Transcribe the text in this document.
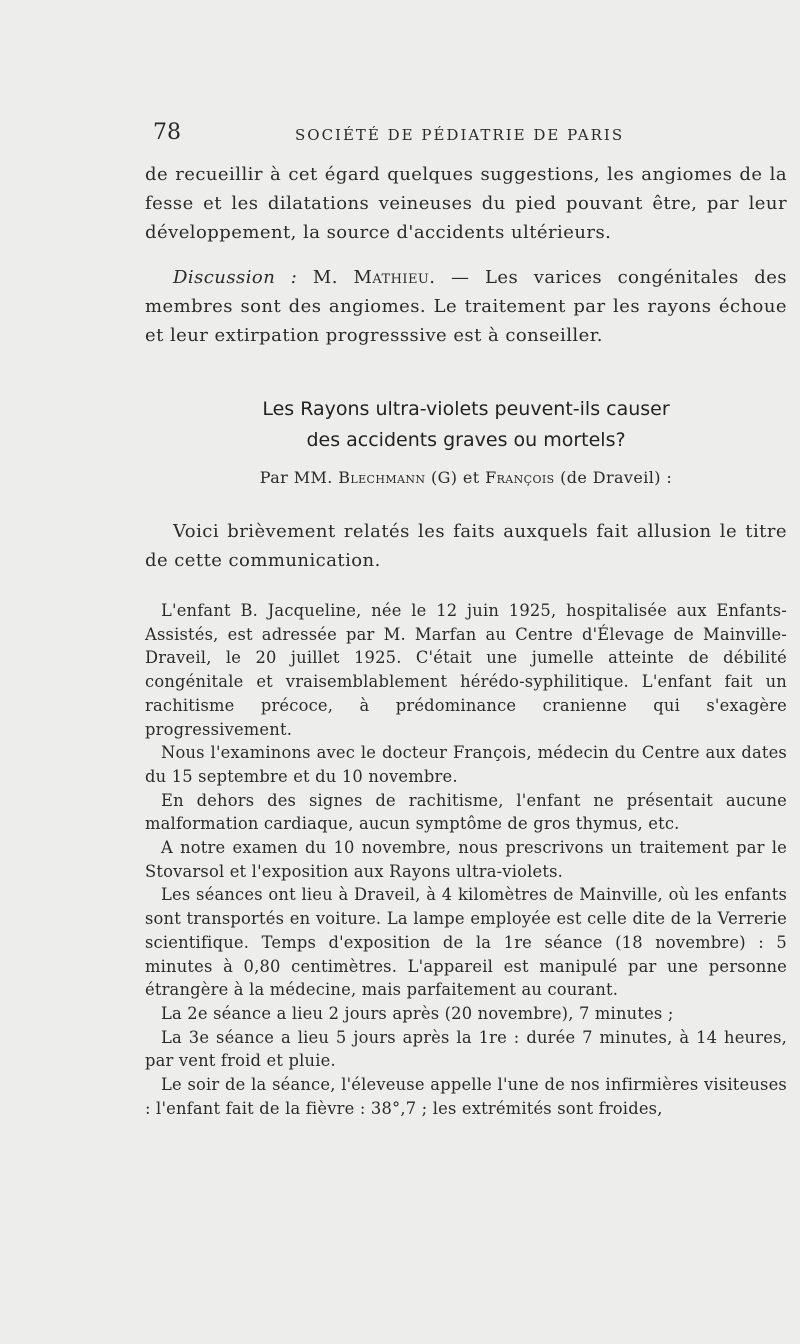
78	SOCIÉTÉ DE PÉDIATRIE DE PARIS

de recueillir à cet égard quelques suggestions, les angiomes de la fesse et les dilatations veineuses du pied pouvant être, par leur développement, la source d'accidents ultérieurs.

Discussion : M. Mathieu. — Les varices congénitales des membres sont des angiomes. Le traitement par les rayons échoue et leur extirpation progresssive est à conseiller.

Les Rayons ultra-violets peuvent-ils causer
des accidents graves ou mortels?
Par MM. Blechmann (G) et François (de Draveil) :

Voici brièvement relatés les faits auxquels fait allusion le titre de cette communication.

L'enfant B. Jacqueline, née le 12 juin 1925, hospitalisée aux Enfants-Assistés, est adressée par M. Marfan au Centre d'Élevage de Mainville-Draveil, le 20 juillet 1925. C'était une jumelle atteinte de débilité congénitale et vraisemblablement hérédo-syphilitique. L'enfant fait un rachitisme précoce, à prédominance cranienne qui s'exagère progressivement.

Nous l'examinons avec le docteur François, médecin du Centre aux dates du 15 septembre et du 10 novembre.

En dehors des signes de rachitisme, l'enfant ne présentait aucune malformation cardiaque, aucun symptôme de gros thymus, etc.

A notre examen du 10 novembre, nous prescrivons un traitement par le Stovarsol et l'exposition aux Rayons ultra-violets.

Les séances ont lieu à Draveil, à 4 kilomètres de Mainville, où les enfants sont transportés en voiture. La lampe employée est celle dite de la Verrerie scientifique. Temps d'exposition de la 1re séance (18 novembre) : 5 minutes à 0,80 centimètres. L'appareil est manipulé par une personne étrangère à la médecine, mais parfaitement au courant.

La 2e séance a lieu 2 jours après (20 novembre), 7 minutes ;

La 3e séance a lieu 5 jours après la 1re : durée 7 minutes, à 14 heures, par vent froid et pluie.

Le soir de la séance, l'éleveuse appelle l'une de nos infirmières visiteuses : l'enfant fait de la fièvre : 38°,7 ; les extrémités sont froides,
